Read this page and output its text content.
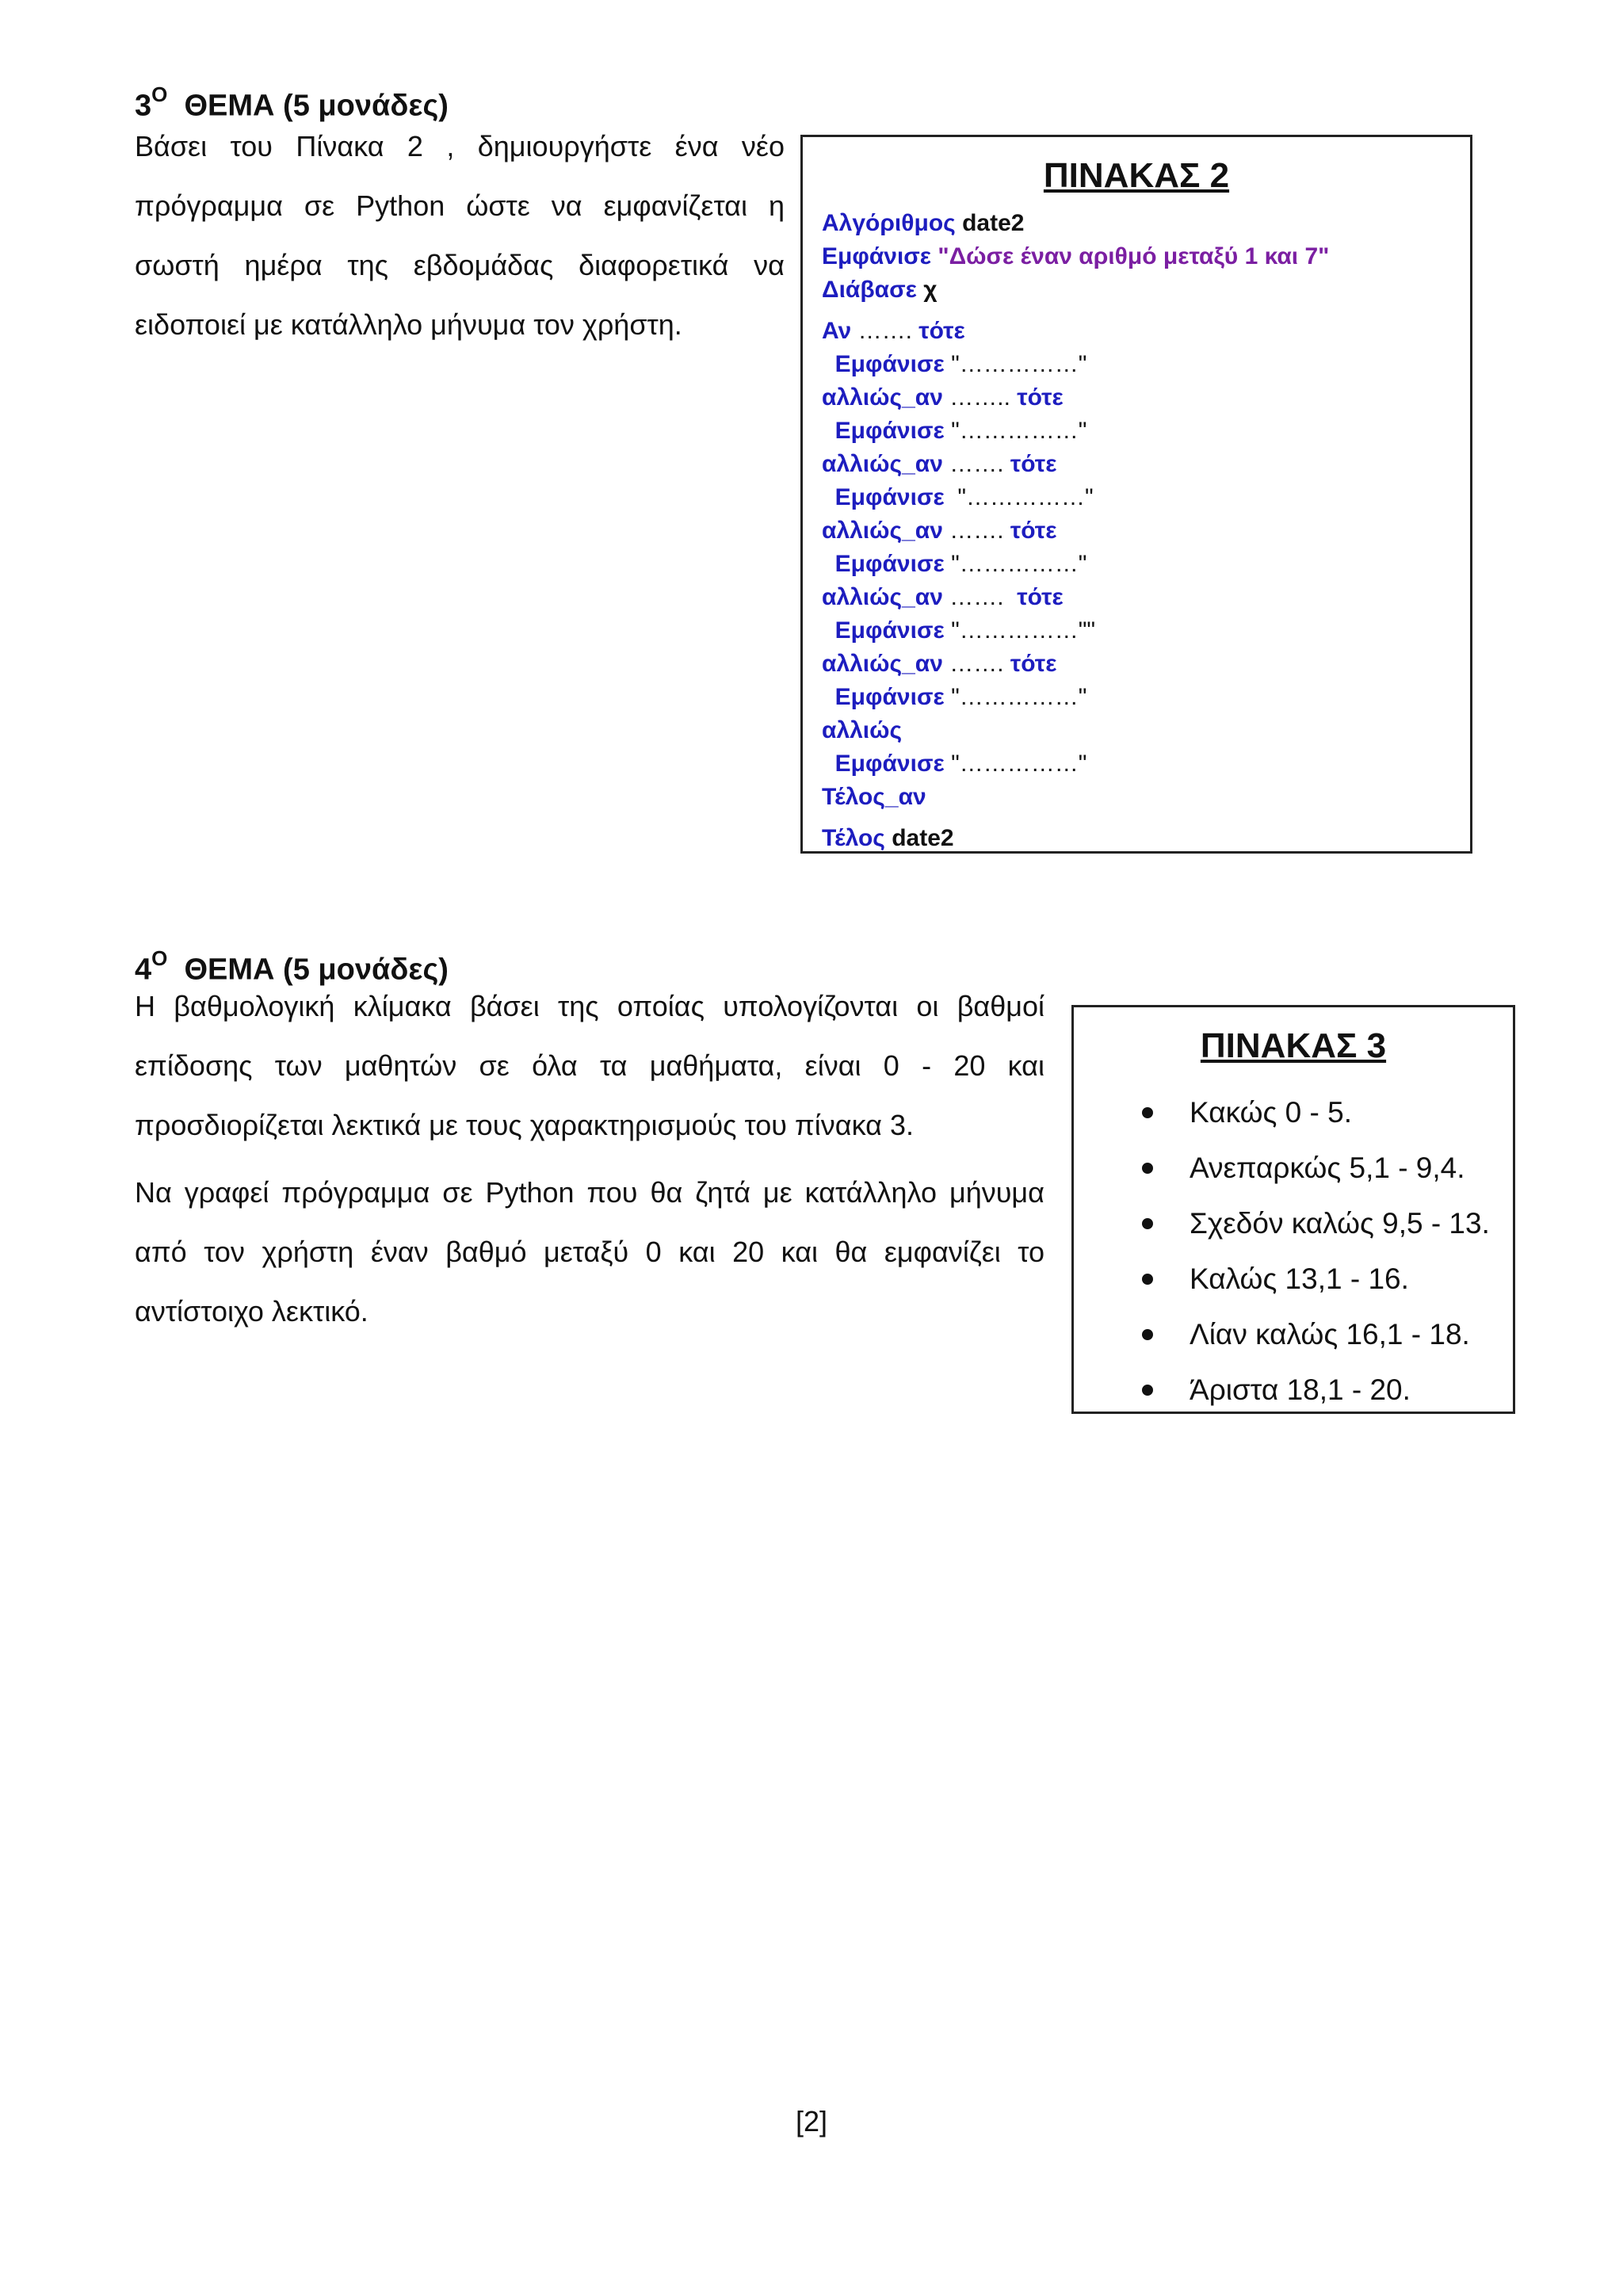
$3^O$ ΘΕΜΑ (5 μονάδες)
Βάσει του Πίνακα 2 , δημιουργήστε ένα νέο πρόγραμμα σε Python ώστε να εμφανίζεται η σωστή ημέρα της εβδομάδας διαφορετικά να ειδοποιεί με κατάλληλο μήνυμα τον χρήστη.
ΠΙΝΑΚΑΣ 2
Αλγόριθμος date2
Εμφάνισε "Δώσε έναν αριθμό μεταξύ 1 και 7"
Διάβασε χ
Αν ……. τότε
Εμφάνισε "……………"
αλλιώς_αν …….. τότε
Εμφάνισε "……………"
αλλιώς_αν ……. τότε
Εμφάνισε  "……………"
αλλιώς_αν ……. τότε
Εμφάνισε "……………"
αλλιώς_αν …….  τότε
Εμφάνισε "……………""
αλλιώς_αν ……. τότε
Εμφάνισε "……………"
αλλιώς
Εμφάνισε "……………"
Τέλος_αν
Τέλος date2
$4^O$ ΘΕΜΑ (5 μονάδες)

Η βαθμολογική κλίμακα βάσει της οποίας υπολογίζονται οι βαθμοί επίδοσης των μαθητών σε όλα τα μαθήματα, είναι 0 - 20 και προσδιορίζεται λεκτικά με τους χαρακτηρισμούς του πίνακα 3.

Να γραφεί πρόγραμμα σε Python που θα ζητά με κατάλληλο μήνυμα από τον χρήστη έναν βαθμό μεταξύ 0 και 20 και θα εμφανίζει το αντίστοιχο λεκτικό.

ΠΙΝΑΚΑΣ 3
Κακώς 0 - 5.
Ανεπαρκώς 5,1 - 9,4.
Σχεδόν καλώς 9,5 - 13.
Καλώς 13,1 - 16.
Λίαν καλώς 16,1 - 18.
Άριστα 18,1 - 20.
[2]
